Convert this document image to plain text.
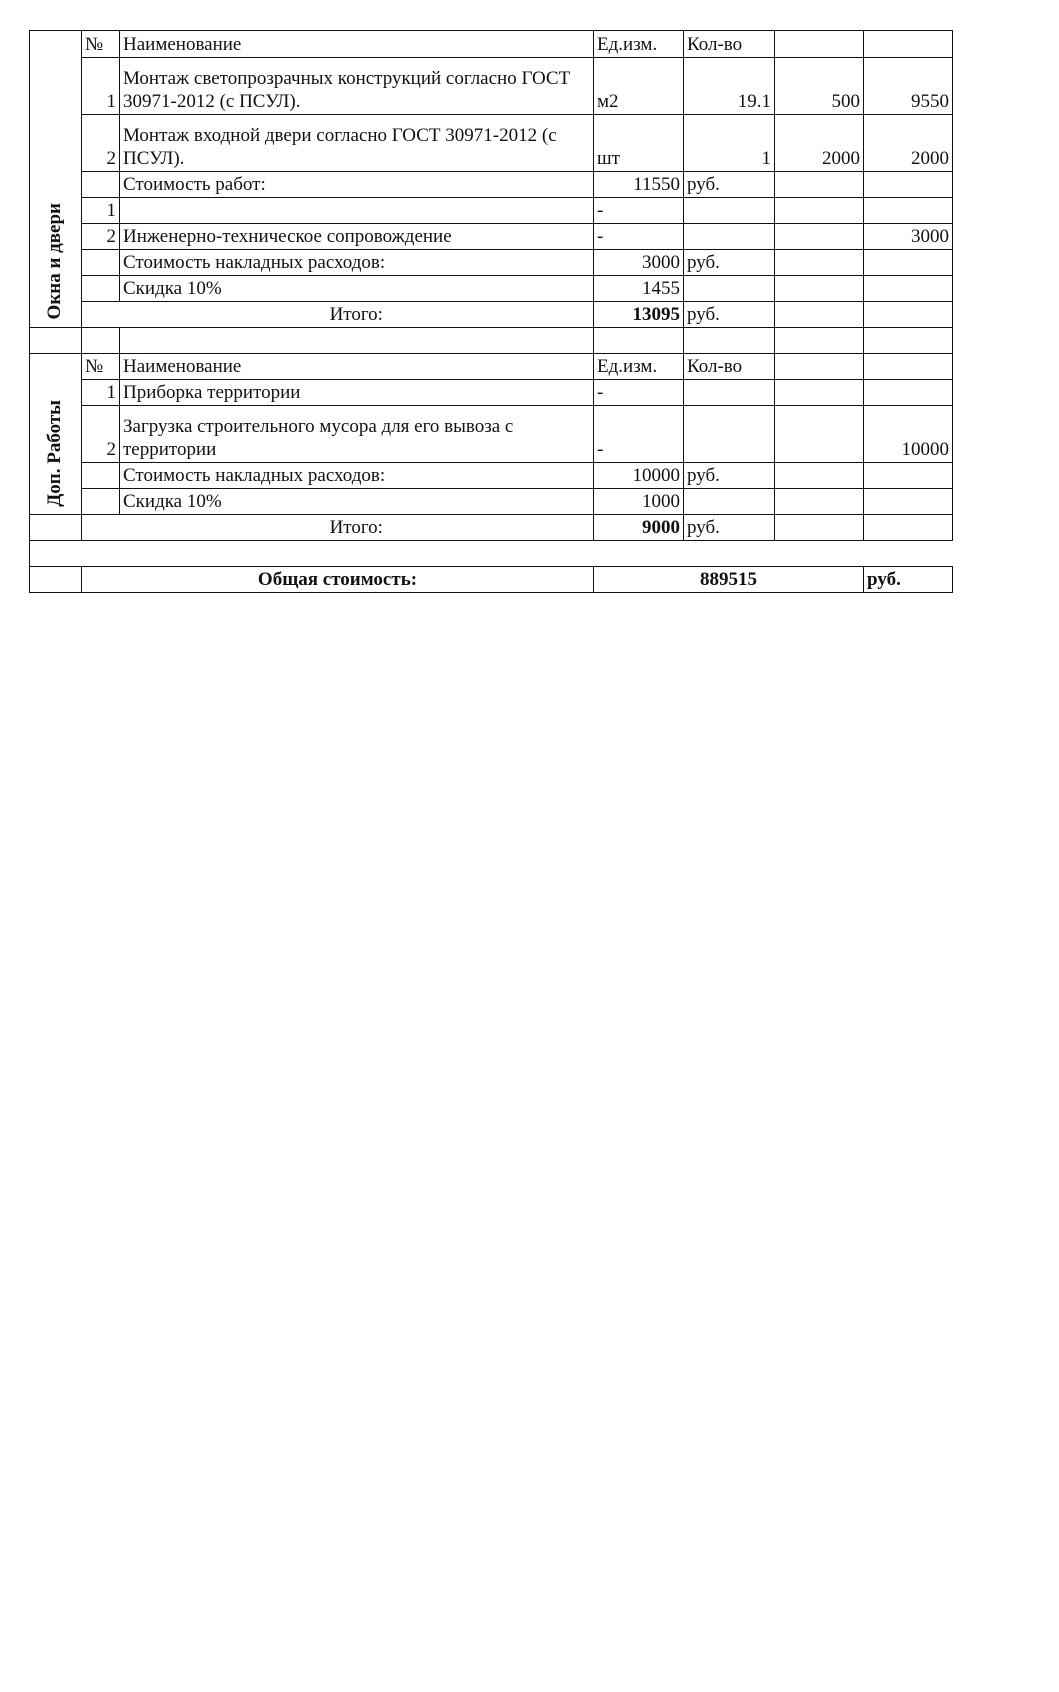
Окна и двери	№	Наименование	Ед.изм.	Кол-во		
	1	Монтаж светопрозрачных конструкций согласно ГОСТ 30971-2012 (с ПСУЛ).	м2	19.1	500	9550
	2	Монтаж входной двери согласно ГОСТ 30971-2012 (с ПСУЛ).	шт	1	2000	2000
		Стоимость работ:	11550	руб.		
	1		-			
	2	Инженерно-техническое сопровождение	-			3000
		Стоимость накладных расходов:	3000	руб.		
		Скидка 10%	1455			
		Итого:	13095	руб.		

Доп. Работы	№	Наименование	Ед.изм.	Кол-во		
	1	Приборка территории	-			
	2	Загрузка строительного мусора для его вывоза с территории	-			10000
		Стоимость накладных расходов:	10000	руб.		
		Скидка 10%	1000			
		Итого:	9000	руб.		

	Общая стоимость:		889515			руб.
